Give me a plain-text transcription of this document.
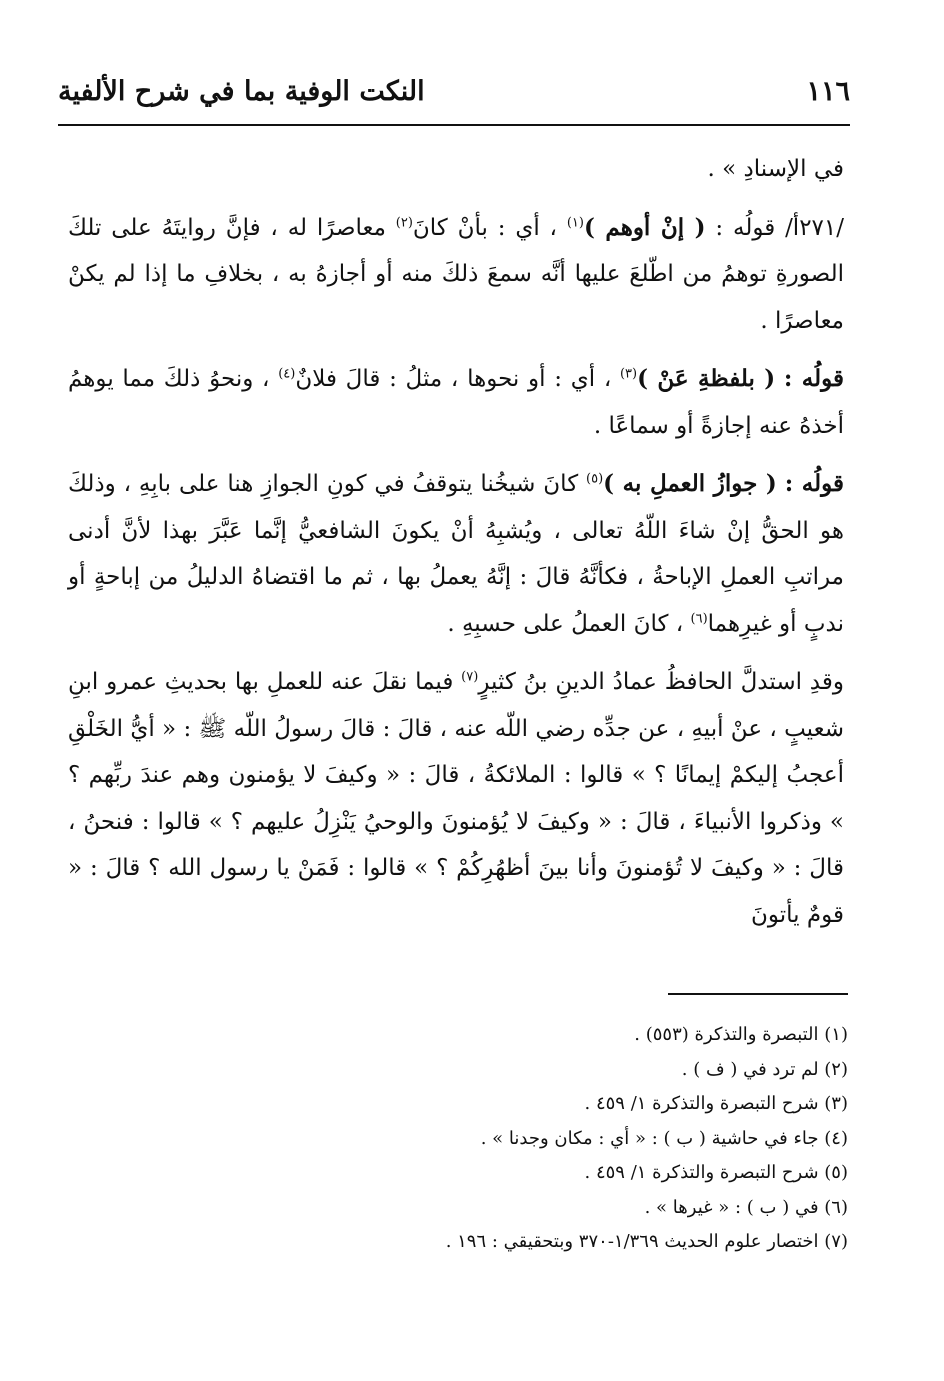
١١٦
النكت الوفية بما في شرح الألفية

في الإسنادِ » .

/٢٧١أ/ قولُه : ( إنْ أوهم )$^{(١)}$ ، أي : بأنْ كانَ$^{(٢)}$ معاصرًا له ، فإنَّ روايتَهُ على تلكَ الصورةِ توهمُ من اطّلعَ عليها أنَّه سمعَ ذلكَ منه أو أجازهُ به ، بخلافِ ما إذا لم يكنْ معاصرًا .

قولُه : ( بلفظةِ عَنْ )$^{(٣)}$ ، أي : أو نحوها ، مثلُ : قالَ فلانٌ$^{(٤)}$ ، ونحوُ ذلكَ مما يوهمُ أخذهُ عنه إجازةً أو سماعًا .

قولُه : ( جوازُ العملِ به )$^{(٥)}$ كانَ شيخُنا يتوقفُ في كونِ الجوازِ هنا على بابِهِ ، وذلكَ هو الحقُّ إنْ شاءَ اللّهُ تعالى ، ويُشبِهُ أنْ يكونَ الشافعيُّ إنَّما عَبَّرَ بهذا لأنَّ أدنى مراتبِ العملِ الإباحةُ ، فكأنَّهُ قالَ : إنَّهُ يعملُ بها ، ثم ما اقتضاهُ الدليلُ من إباحةٍ أو ندبٍ أو غيرِهما$^{(٦)}$ ، كانَ العملُ على حسبِهِ .

وقدِ استدلَّ الحافظُ عمادُ الدينِ بنُ كثيرٍ$^{(٧)}$ فيما نقلَ عنه للعملِ بها بحديثِ عمرو ابنِ شعيبٍ ، عنْ أبيهِ ، عن جدِّه رضي اللّه عنه ، قالَ : قالَ رسولُ اللّه ﷺ : « أيُّ الخَلْقِ أعجبُ إليكمْ إيمانًا ؟ » قالوا : الملائكةُ ، قالَ : « وكيفَ لا يؤمنون وهم عندَ ربِّهم ؟ » وذكروا الأنبياءَ ، قالَ : « وكيفَ لا يُؤمنونَ والوحيُ يَنْزِلُ عليهم ؟ » قالوا : فنحنُ ، قالَ : « وكيفَ لا تُؤمنونَ وأنا بينَ أظهُرِكُمْ ؟ » قالوا : فَمَنْ يا رسول الله ؟ قالَ : « قومٌ يأتونَ

(١) التبصرة والتذكرة (٥٥٣) .

(٢) لم ترد في ( ف ) .

(٣) شرح التبصرة والتذكرة ١/ ٤٥٩ .

(٤) جاء في حاشية ( ب ) : « أي : مكان وجدنا » .

(٥) شرح التبصرة والتذكرة ١/ ٤٥٩ .

(٦) في ( ب ) : « غيرها » .

(٧) اختصار علوم الحديث ١/٣٦٩-٣٧٠ وبتحقيقي : ١٩٦ .
